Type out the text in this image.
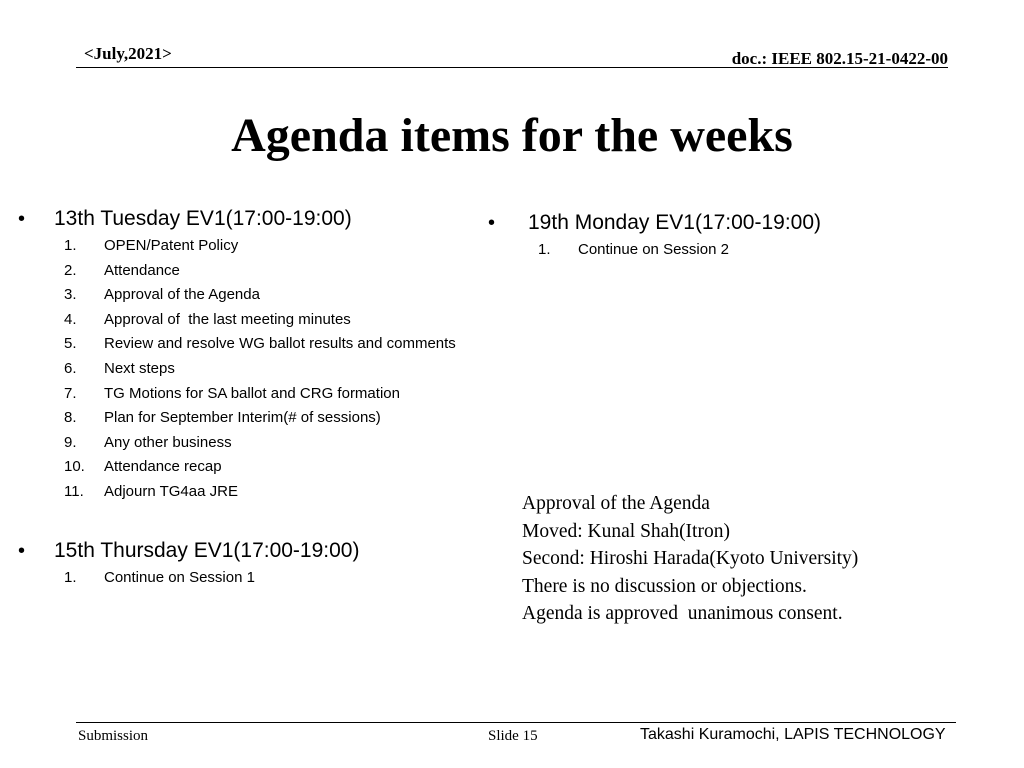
<July,2021>	doc.: IEEE 802.15-21-0422-00
Agenda items for the weeks
•	13th Tuesday EV1(17:00-19:00)
1.	OPEN/Patent Policy
2.	Attendance
3.	Approval of the Agenda
4.	Approval of  the last meeting minutes
5.	Review and resolve WG ballot results and comments
6.	Next steps
7.	TG Motions for SA ballot and CRG formation
8.	Plan for September Interim(# of sessions)
9.	Any other business
10.	Attendance recap
11.	Adjourn TG4aa JRE
•	15th Thursday EV1(17:00-19:00)
1.	Continue on Session 1
•	19th Monday EV1(17:00-19:00)
1.	Continue on Session 2
Approval of the Agenda
Moved: Kunal Shah(Itron)
Second: Hiroshi Harada(Kyoto University)
There is no discussion or objections.
Agenda is approved  unanimous consent.
Submission	Slide 15	Takashi Kuramochi, LAPIS TECHNOLOGY
